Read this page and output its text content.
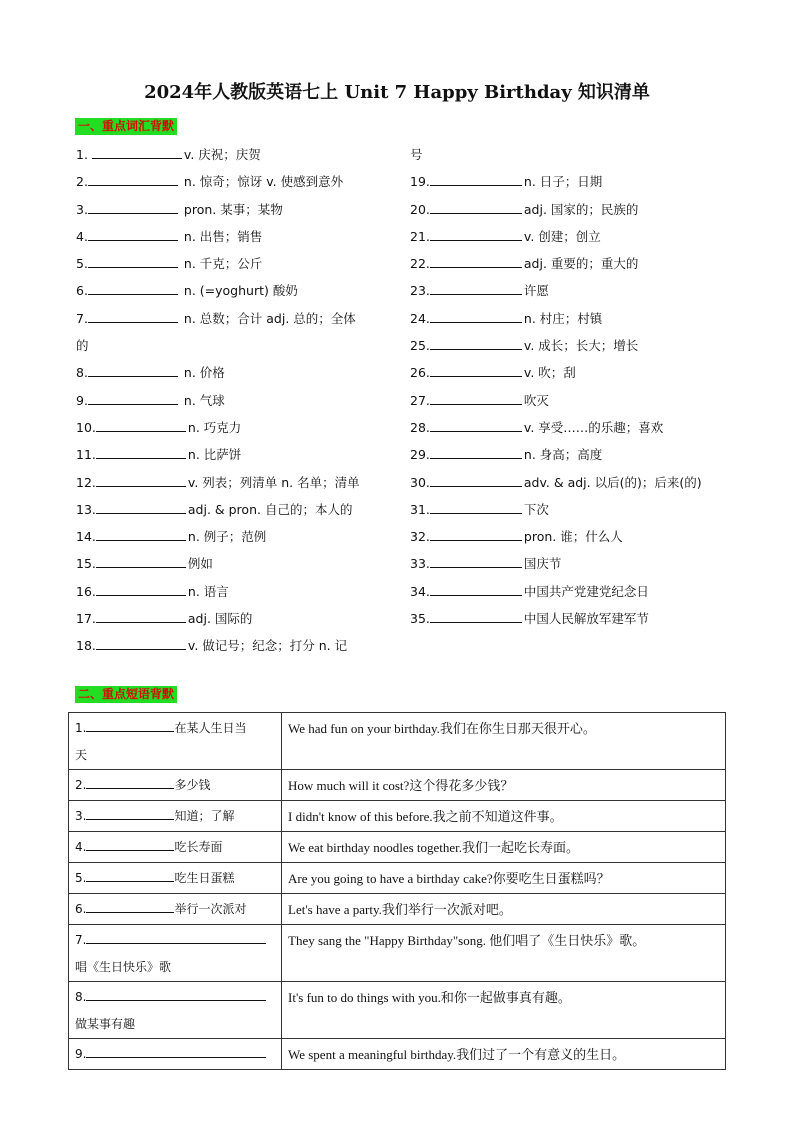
2024年人教版英语七上 Unit 7 Happy Birthday 知识清单
一、重点词汇背默
1.	v. 庆祝；庆贺
2.	n. 惊奇；惊讶 v. 使感到意外
3.	pron. 某事；某物
4.	n. 出售；销售
5.	n. 千克；公斤
6.	n. (=yoghurt) 酸奶
7.	n. 总数；合计 adj. 总的；全体
的
8.	n. 价格
9.	n. 气球
10.	n. 巧克力
11.	n. 比萨饼
12.	v. 列表；列清单 n. 名单；清单
13.	adj. & pron. 自己的；本人的
14.	n. 例子；范例
15.	例如
16.	n. 语言
17.	adj. 国际的
18.	v. 做记号；纪念；打分 n. 记
号
19.	n. 日子；日期
20.	adj. 国家的；民族的
21.	v. 创建；创立
22.	adj. 重要的；重大的
23.	许愿
24.	n. 村庄；村镇
25.	v. 成长；长大；增长
26.	v. 吹；刮
27.	吹灭
28.	v. 享受……的乐趣；喜欢
29.	n. 身高；高度
30.	adv. & adj. 以后(的)；后来(的)
31.	下次
32.	pron. 谁；什么人
33.	国庆节
34.	中国共产党建党纪念日
35.	中国人民解放军建军节
二、重点短语背默
1. 在某人生日当
天	We had fun on your birthday.我们在你生日那天很开心。
2. 多少钱	How much will it cost?这个得花多少钱？
3. 知道；了解	I didn't know of this before.我之前不知道这件事。
4. 吃长寿面	We eat birthday noodles together.我们一起吃长寿面。
5. 吃生日蛋糕	Are you going to have a birthday cake?你要吃生日蛋糕吗？
6. 举行一次派对	Let's have a party.我们举行一次派对吧。
7.
唱《生日快乐》歌	They sang the "Happy Birthday"song. 他们唱了《生日快乐》歌。
8.
做某事有趣	It's fun to do things with you.和你一起做事真有趣。
9.	We spent a meaningful birthday.我们过了一个有意义的生日。
